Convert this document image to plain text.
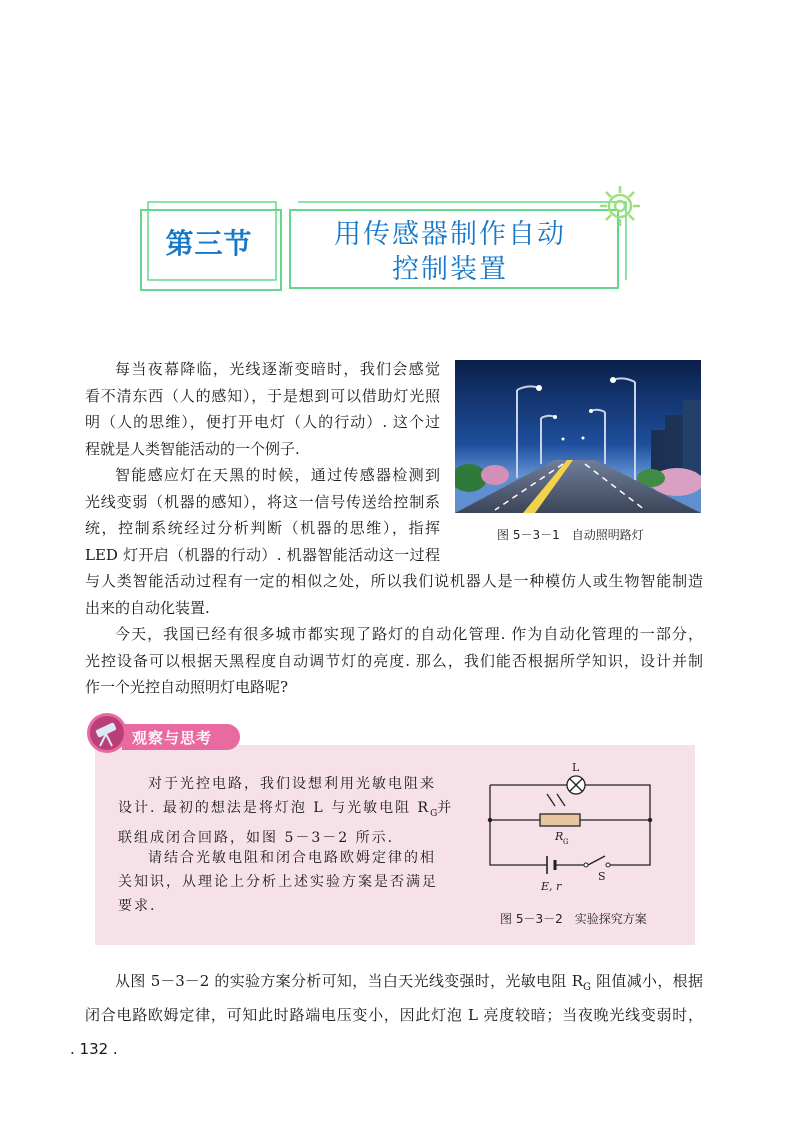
第三节	用传感器制作自动
控制装置
每当夜幕降临，光线逐渐变暗时，我们会感觉
看不清东西（人的感知），于是想到可以借助灯光照
明（人的思维），便打开电灯（人的行动）. 这个过
程就是人类智能活动的一个例子.
智能感应灯在天黑的时候，通过传感器检测到
光线变弱（机器的感知），将这一信号传送给控制系
统，控制系统经过分析判断（机器的思维），指挥
LED 灯开启（机器的行动）. 机器智能活动这一过程
与人类智能活动过程有一定的相似之处，所以我们说机器人是一种模仿人或生物智能制造
出来的自动化装置.
今天，我国已经有很多城市都实现了路灯的自动化管理. 作为自动化管理的一部分，
光控设备可以根据天黑程度自动调节灯的亮度. 那么，我们能否根据所学知识，设计并制
作一个光控自动照明灯电路呢?
图 5－3－1　自动照明路灯
观察与思考
对于光控电路，我们设想利用光敏电阻来
设计. 最初的想法是将灯泡 L 与光敏电阻 $R_G$并
联组成闭合回路，如图 5－3－2 所示.
请结合光敏电阻和闭合电路欧姆定律的相
关知识，从理论上分析上述实验方案是否满足
要求.
L
R G
E, r
S
图 5－3－2　实验探究方案
从图 5－3－2 的实验方案分析可知，当白天光线变强时，光敏电阻 $R_G$ 阻值减小，根据
闭合电路欧姆定律，可知此时路端电压变小，因此灯泡 L 亮度较暗；当夜晚光线变弱时，
. 132 .
